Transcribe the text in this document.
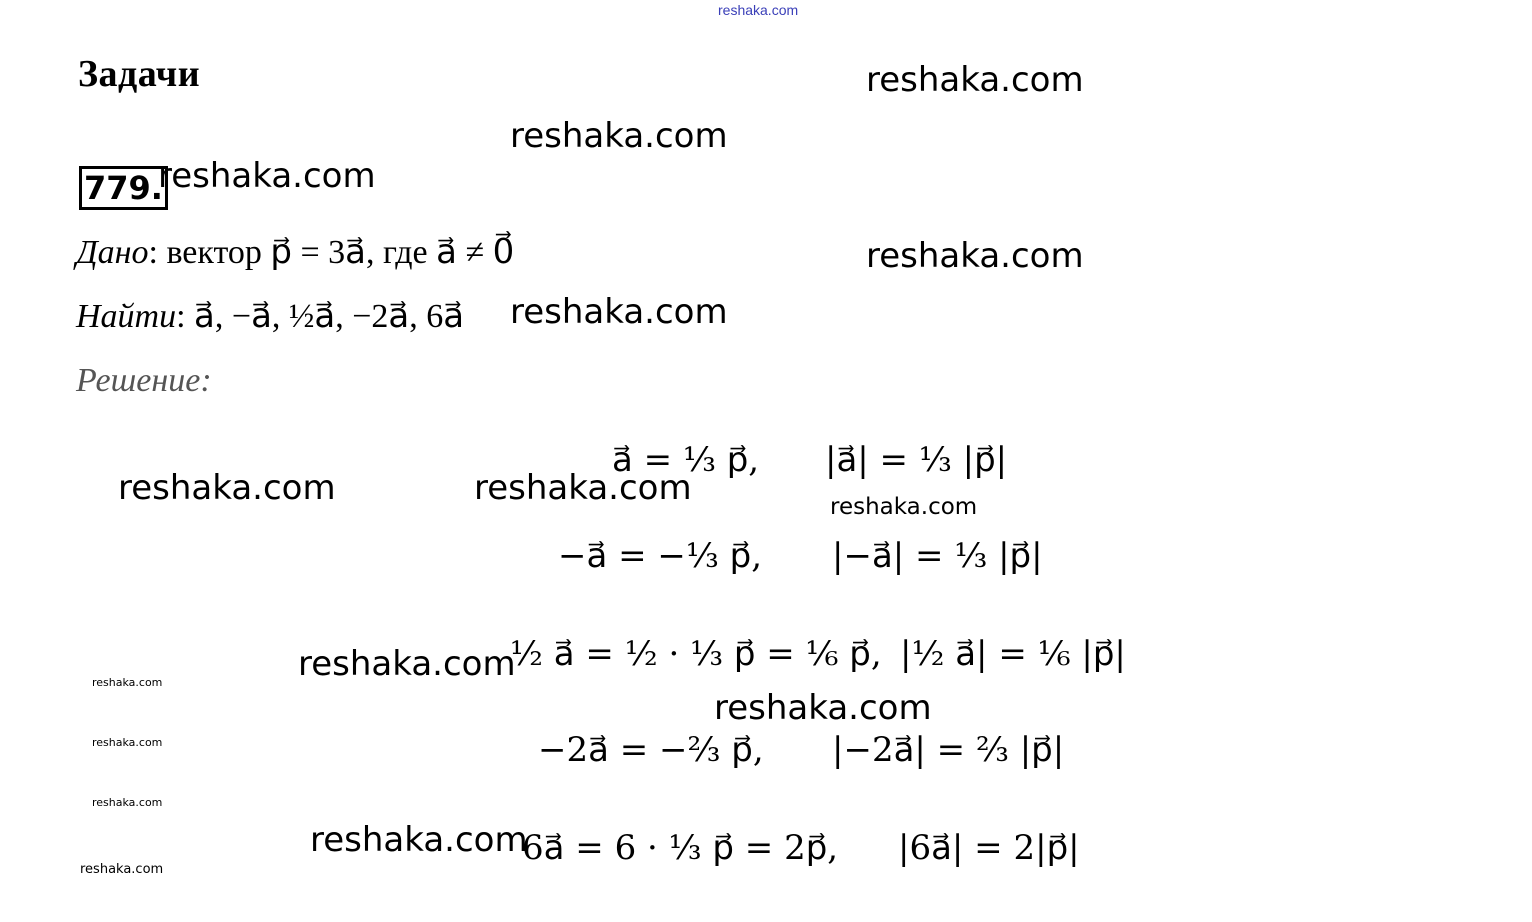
reshaka.com
Задачи
779.
Дано: вектор p⃗ = 3a⃗, где a⃗ ≠ 0⃗
Найти: a⃗, −a⃗, ½a⃗, −2a⃗, 6a⃗
Решение:
a⃗ = ⅓ p⃗, |a⃗| = ⅓ |p⃗|
−a⃗ = −⅓ p⃗, |−a⃗| = ⅓ |p⃗|
½ a⃗ = ½ · ⅓ p⃗ = ⅙ p⃗, |½ a⃗| = ⅙ |p⃗|
−2a⃗ = −⅔ p⃗, |−2a⃗| = ⅔ |p⃗|
6a⃗ = 6 · ⅓ p⃗ = 2p⃗, |6a⃗| = 2|p⃗|
reshaka.com
reshaka.com
reshaka.com
reshaka.com
reshaka.com
reshaka.com	reshaka.com	reshaka.com
reshaka.com
reshaka.com
reshaka.com
reshaka.com
reshaka.com
reshaka.com
reshaka.com
